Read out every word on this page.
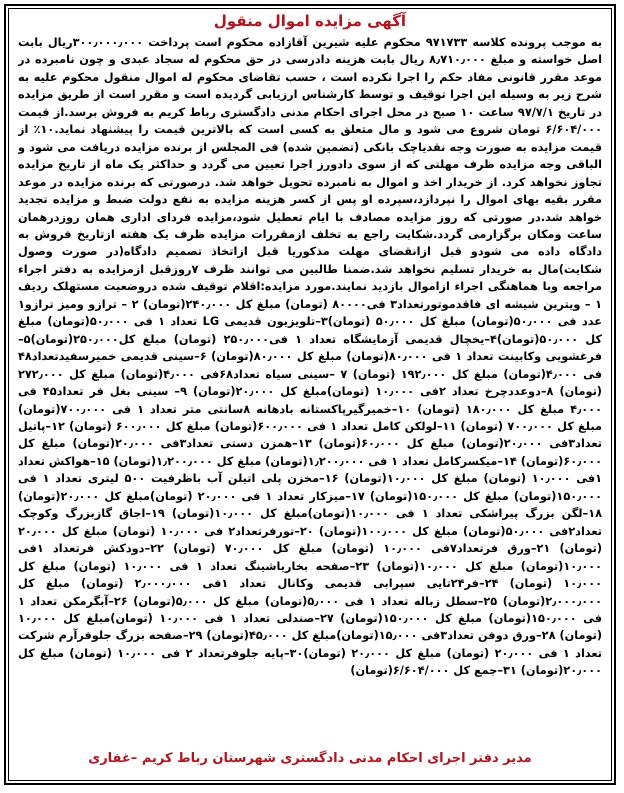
آگهی مزایده اموال منقول

به موجب پرونده کلاسه ۹۷۱۷۳۳ محکوم علیه شیرین آقازاده محکوم است پرداخت ۳۰۰٫۰۰۰٫۰۰۰ریال بابت اصل خواسته و مبلغ ۸٫۷۱۰٫۰۰۰ ریال بابت هزینه دادرسی در حق محکوم له سجاد عبدی و چون نامبرده در موعد مقرر قانونی مفاد حکم را اجرا نکرده است ، حسب تقاضای محکوم له اموال منقول محکوم علیه به شرح زیر به وسیله این اجرا توقیف و توسط کارشناس ارزیابی گردیده است و مقرر است از طریق مزایده در تاریخ ۹۷/۷/۱ ساعت ۱۰ صبح در محل اجرای احکام مدنی دادگستری رباط کریم به فروش برسد.از قیمت ۶/۶۰۴/۰۰۰ تومان شروع می شود و مال متعلق به کسی است که بالاترین قیمت را پیشنهاد نماید.۱۰٪ از قیمت مزایده به صورت وجه نقدیاچک بانکی (تضمین شده) فی المجلس از برنده مزایده دریافت می شود و الباقی وجه مزایده ظرف مهلتی که از سوی دادورز اجرا تعیین می گردد و حداکثر یک ماه از تاریخ مزایده تجاوز نخواهد کرد. از خریدار اخذ و اموال به نامبرده تحویل خواهد شد. درصورتی که برنده مزایده در موعد مقرر بقیه بهای اموال را نپردازد،سپرده او پس از کسر هزینه مزایده به نفع دولت ضبط و مزایده تجدید خواهد شد.در صورتی که روز مزایده مصادف با ایام تعطیل شود،مزایده فردای اداری همان روزدرهمان ساعت ومکان برگزارمی گردد.شکایت راجع به تخلف ازمقررات مزایده ظرف یک هفته ازتاریخ فروش به دادگاه داده می شودو قبل ازانقضای مهلت مذکوریا قبل ازاتخاذ تصمیم دادگاه(در صورت وصول شکایت)مال به خریدار تسلیم نخواهد شد.ضمنا طالبین می توانند ظرف ۷روزقبل ازمزایده به دفتر اجراء مراجعه وبا هماهنگی اجراء ازاموال بازدید نمایند.مورد مزایده:اقلام توقیف شده دروضعیت مستهلک ردیف ۱ – ویترین شیشه ای فاقدموتورتعداد۳ فی۸۰۰۰۰ (تومان) مبلغ کل ۲۴۰٫۰۰۰(تومان) ۲ – ترازو ومیز ترازو۱ عدد فی ۵۰٫۰۰۰(تومان) مبلغ کل ۵۰٫۰۰۰ (تومان)۳–تلویزیون قدیمی LG تعداد ۱ فی ۵۰٫۰۰۰(تومان) مبلغ کل ۵۰٫۰۰۰(تومان)۴–یخچال قدیمی آزمایشگاه تعداد ۱ فی۲۵۰٫۰۰۰ (تومان) مبلغ کل۲۵۰٫۰۰۰(تومان)۵–فرغشویی وکابینت تعداد ۱ فی ۸۰٫۰۰۰(تومان) مبلغ کل ۸۰٫۰۰۰(تومان) ۶–سینی قدیمی خمیرسفیدتعداد۴۸ فی ۴٫۰۰۰(تومان) مبلغ کل ۱۹۲٫۰۰۰ (تومان) ۷ –سینی سیاه تعداد۶۸فی ۴٫۰۰۰(تومان) مبلغ کل ۲۷۲٫۰۰۰ (تومان) ۸–دوعددچرخ تعداد ۲فی ۱۰٫۰۰۰ (تومان)مبلغ کل ۲۰٫۰۰۰(تومان) ۹– سینی بغل فر تعداد۴۵ فی ۴٫۰۰۰ مبلغ کل ۱۸۰٫۰۰۰ (تومان) ۱۰–خمیرگیرپاکستانه بادهانه ۸سانتی متر تعداد ۱ فی ۷۰۰٫۰۰۰(تومان) مبلغ کل ۷۰۰٫۰۰۰ (تومان) ۱۱–لولکن کامل تعداد ۱ فی ۶۰۰٫۰۰۰(تومان) مبلغ کل ۶۰۰٫۰۰۰ (تومان) ۱۲–پاتیل تعداد۳فی ۲۰٫۰۰۰(تومان) مبلغ کل ۶۰٫۰۰۰(تومان) ۱۳–همزن دستی تعداد۳فی ۲۰٫۰۰۰(تومان) مبلغ کل ۶۰٫۰۰۰(تومان) ۱۴–میکسرکامل تعداد ۱ فی ۱٫۲۰۰٫۰۰۰(تومان) مبلغ کل ۱٫۲۰۰٫۰۰۰(تومان) ۱۵–هواکش تعداد ۱فی ۱۰٫۰۰۰ (تومان) مبلغ کل ۱۰٫۰۰۰(تومان) ۱۶–مخزن پلی اتیلن آب باظرفیت ۵۰۰ لیتری تعداد ۱ فی ۱۵۰٫۰۰۰(تومان) مبلغ کل ۱۵۰٫۰۰۰(تومان) ۱۷–میزکار تعداد ۱ فی ۲۰٫۰۰۰ (تومان)مبلغ کل ۲۰٫۰۰۰(تومان) ۱۸–لگن بزرگ پیراشکی تعداد ۱ فی ۱۰٫۰۰۰(تومان)مبلغ کل ۱۰٫۰۰۰(تومان) ۱۹–اجاق گازبزرگ وکوچک تعداد۲فی ۵۰٫۰۰۰(تومان) مبلغ کل ۱۰۰٫۰۰۰(تومان) ۲۰–تورفرتعداد۲ فی ۱۰٫۰۰۰ (تومان) مبلغ کل ۲۰٫۰۰۰ (تومان) ۲۱–ورق فرتعداد۷فی ۱۰٫۰۰۰ (تومان) مبلغ کل ۷۰٫۰۰۰ (تومان) ۲۲–دودکش فرتعداد ۱فی ۱۰٫۰۰۰(تومان) مبلغ کل ۱۰٫۰۰۰(تومان) ۲۳–صفحه بخاریاشینگ تعداد ۱ فی ۱۰٫۰۰۰ (تومان) مبلغ کل ۱۰٫۰۰۰ (تومان) ۲۴–فر۲۴تایی سپرابی قدیمی وکانال تعداد ۱فی ۲٫۰۰۰٫۰۰۰ (تومان) مبلغ کل ۲٫۰۰۰٫۰۰۰(تومان) ۲۵–سطل زباله تعداد ۱ فی ۵٫۰۰۰(تومان) مبلغ کل ۵٫۰۰۰(تومان) ۲۶–آبگرمکن تعداد ۱ فی ۱۵۰٫۰۰۰(تومان) مبلغ کل ۱۵۰٫۰۰۰(تومان) ۲۷–صندلی تعداد ۱ فی ۱۰٫۰۰۰ (تومان)مبلغ کل ۱۰٫۰۰۰ (تومان) ۲۸–ورق دوفن تعداد۳فی ۱۵٫۰۰۰(تومان)مبلغ کل ۴۵٫۰۰۰(تومان) ۲۹–صفحه بزرگ جلوفرآرم شرکت تعداد ۱ فی ۲۰٫۰۰۰ (تومان) مبلغ کل ۲۰٫۰۰۰ (تومان)۳۰–پایه جلوفرتعداد ۲ فی ۱۰٫۰۰۰ (تومان) مبلغ کل ۲۰٫۰۰۰(تومان) ۳۱–جمع کل ۶/۶۰۴/۰۰۰(تومان)

مدیر دفتر اجرای احکام مدنی دادگستری شهرستان رباط کریم –غفاری
